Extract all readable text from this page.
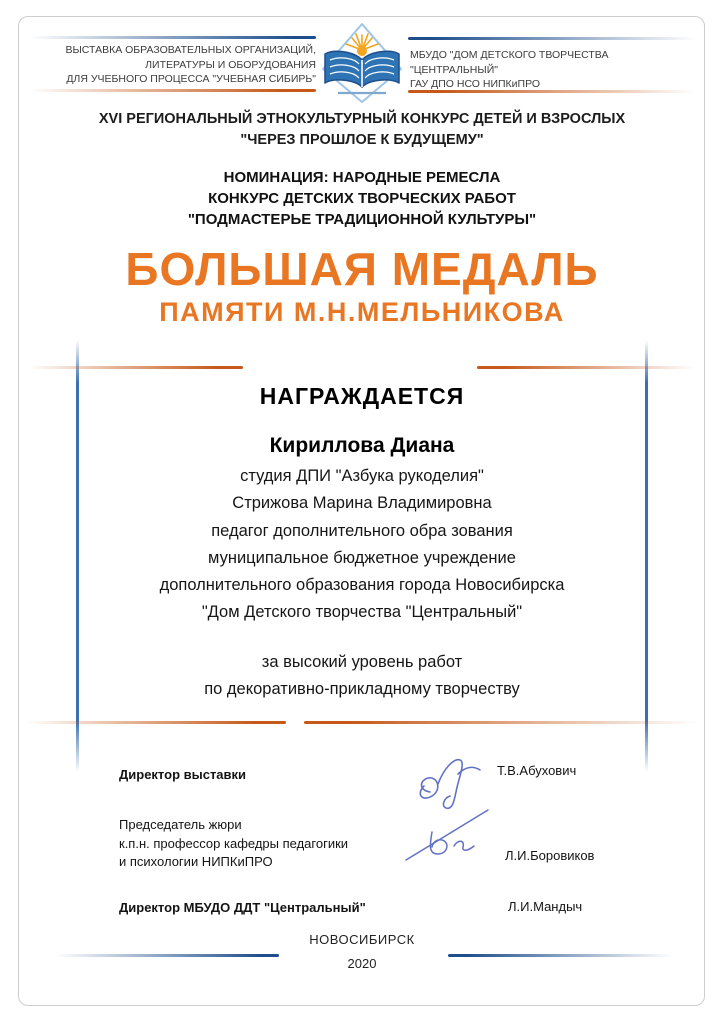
ВЫСТАВКА ОБРАЗОВАТЕЛЬНЫХ ОРГАНИЗАЦИЙ,
ЛИТЕРАТУРЫ И ОБОРУДОВАНИЯ
ДЛЯ УЧЕБНОГО ПРОЦЕССА "УЧЕБНАЯ СИБИРЬ"
МБУДО "ДОМ ДЕТСКОГО ТВОРЧЕСТВА
"ЦЕНТРАЛЬНЫЙ"
ГАУ ДПО НСО НИПКиПРО
XVI РЕГИОНАЛЬНЫЙ ЭТНОКУЛЬТУРНЫЙ КОНКУРС ДЕТЕЙ И ВЗРОСЛЫХ
"ЧЕРЕЗ ПРОШЛОЕ К БУДУЩЕМУ"
НОМИНАЦИЯ: НАРОДНЫЕ РЕМЕСЛА
КОНКУРС ДЕТСКИХ ТВОРЧЕСКИХ РАБОТ
"ПОДМАСТЕРЬЕ ТРАДИЦИОННОЙ КУЛЬТУРЫ"
БОЛЬШАЯ МЕДАЛЬ
ПАМЯТИ М.Н.МЕЛЬНИКОВА
НАГРАЖДАЕТСЯ
Кириллова Диана
студия ДПИ "Азбука рукоделия"
Стрижова Марина Владимировна
педагог дополнительного обра зования
муниципальное бюджетное учреждение
дополнительного образования города Новосибирска
"Дом Детского творчества "Центральный"
за высокий уровень работ
по декоративно-прикладному творчеству
Директор выставки	Т.В.Абухович
Председатель жюри
к.п.н. профессор кафедры педагогики
и психологии НИПКиПРО	Л.И.Боровиков
Директор МБУДО ДДТ "Центральный"	Л.И.Мандыч
НОВОСИБИРСК
2020
